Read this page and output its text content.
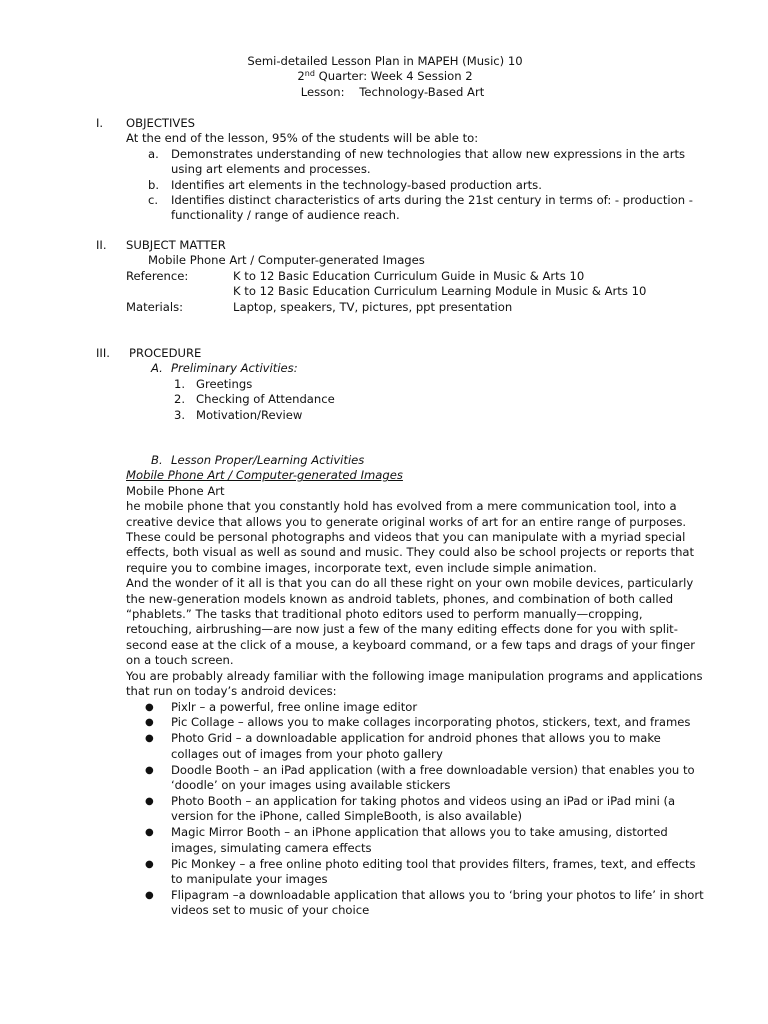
Semi-detailed Lesson Plan in MAPEH (Music) 10
2nd Quarter: Week 4 Session 2
Lesson: Technology-Based Art
I. OBJECTIVES
At the end of the lesson, 95% of the students will be able to:
a. Demonstrates understanding of new technologies that allow new expressions in the arts using art elements and processes.
b. Identifies art elements in the technology-based production arts.
c. Identifies distinct characteristics of arts during the 21st century in terms of: - production - functionality / range of audience reach.
II. SUBJECT MATTER
Mobile Phone Art / Computer-generated Images
Reference:	K to 12 Basic Education Curriculum Guide in Music & Arts 10
K to 12 Basic Education Curriculum Learning Module in Music & Arts 10
Materials:	Laptop, speakers, TV, pictures, ppt presentation
III. PROCEDURE
A. Preliminary Activities:
1. Greetings
2. Checking of Attendance
3. Motivation/Review
B. Lesson Proper/Learning Activities
Mobile Phone Art / Computer-generated Images
Mobile Phone Art

he mobile phone that you constantly hold has evolved from a mere communication tool, into a creative device that allows you to generate original works of art for an entire range of purposes. These could be personal photographs and videos that you can manipulate with a myriad special effects, both visual as well as sound and music. They could also be school projects or reports that require you to combine images, incorporate text, even include simple animation.

And the wonder of it all is that you can do all these right on your own mobile devices, particularly the new-generation models known as android tablets, phones, and combination of both called “phablets.” The tasks that traditional photo editors used to perform manually—cropping, retouching, airbrushing—are now just a few of the many editing effects done for you with split-second ease at the click of a mouse, a keyboard command, or a few taps and drags of your finger on a touch screen.

You are probably already familiar with the following image manipulation programs and applications that run on today’s android devices:

● Pixlr – a powerful, free online image editor
● Pic Collage – allows you to make collages incorporating photos, stickers, text, and frames
● Photo Grid – a downloadable application for android phones that allows you to make collages out of images from your photo gallery
● Doodle Booth – an iPad application (with a free downloadable version) that enables you to ‘doodle’ on your images using available stickers
● Photo Booth – an application for taking photos and videos using an iPad or iPad mini (a version for the iPhone, called SimpleBooth, is also available)
● Magic Mirror Booth – an iPhone application that allows you to take amusing, distorted images, simulating camera effects
● Pic Monkey – a free online photo editing tool that provides filters, frames, text, and effects to manipulate your images
● Flipagram –a downloadable application that allows you to ‘bring your photos to life’ in short videos set to music of your choice
